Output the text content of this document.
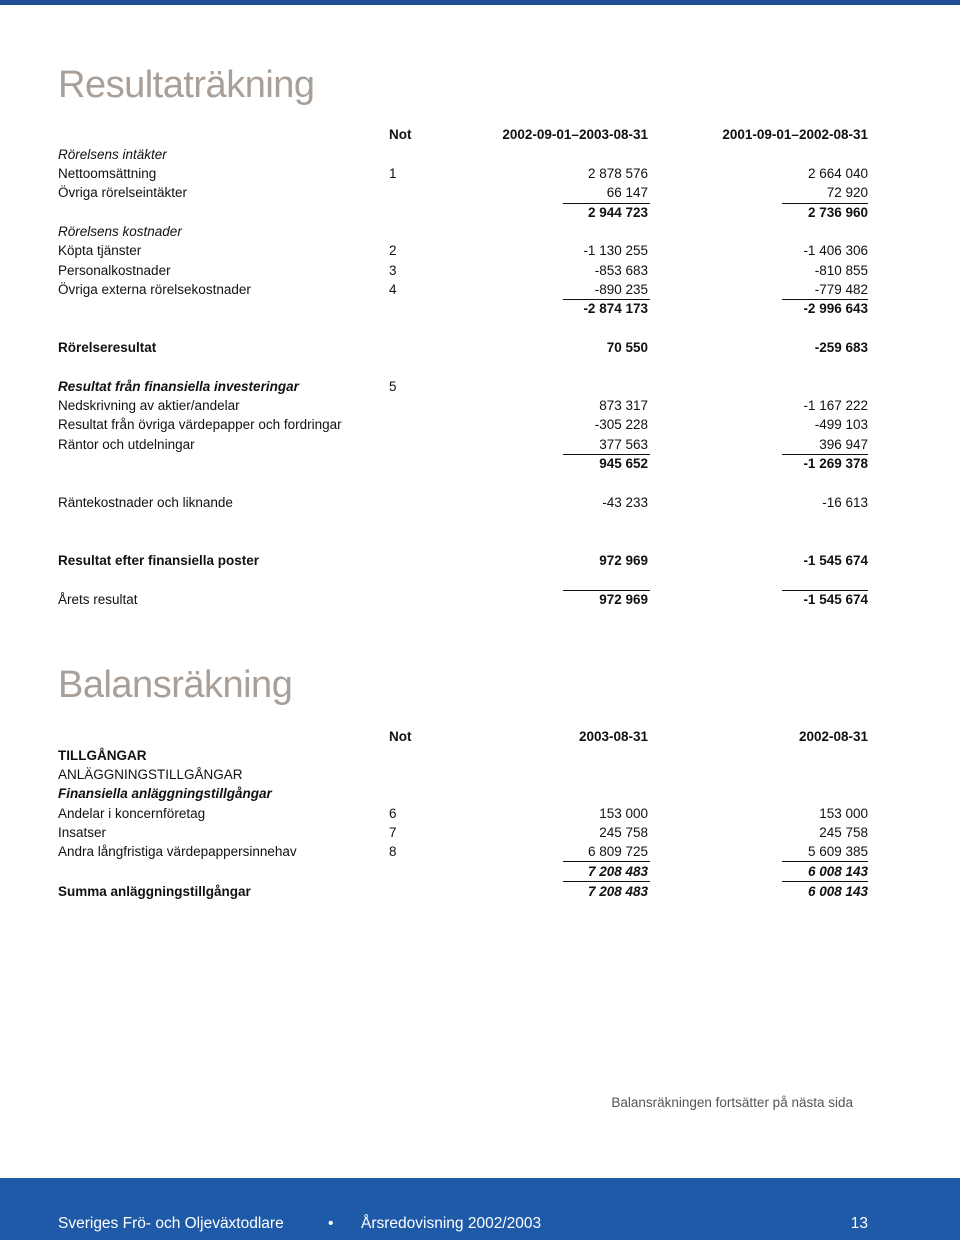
Resultaträkning
Not	2002-09-01–2003-08-31	2001-09-01–2002-08-31
Rörelsens intäkter
Nettoomsättning	1	2 878 576	2 664 040
Övriga rörelseintäkter	66 147	72 920
2 944 723	2 736 960
Rörelsens kostnader
Köpta tjänster	2	-1 130 255	-1 406 306
Personalkostnader	3	-853 683	-810 855
Övriga externa rörelsekostnader	4	-890 235	-779 482
-2 874 173	-2 996 643
Rörelseresultat	70 550	-259 683
Resultat från finansiella investeringar	5
Nedskrivning av aktier/andelar	873 317	-1 167 222
Resultat från övriga värdepapper och fordringar	-305 228	-499 103
Räntor och utdelningar	377 563	396 947
945 652	-1 269 378
Räntekostnader och liknande	-43 233	-16 613
Resultat efter finansiella poster	972 969	-1 545 674
Årets resultat	972 969	-1 545 674
Balansräkning
Not	2003-08-31	2002-08-31
TILLGÅNGAR
ANLÄGGNINGSTILLGÅNGAR
Finansiella anläggningstillgångar
Andelar i koncernföretag	6	153 000	153 000
Insatser	7	245 758	245 758
Andra långfristiga värdepappersinnehav	8	6 809 725	5 609 385
7 208 483	6 008 143
Summa anläggningstillgångar	7 208 483	6 008 143
Balansräkningen fortsätter på nästa sida
Sveriges Frö- och Oljeväxtodlare	• Årsredovisning 2002/2003	13
